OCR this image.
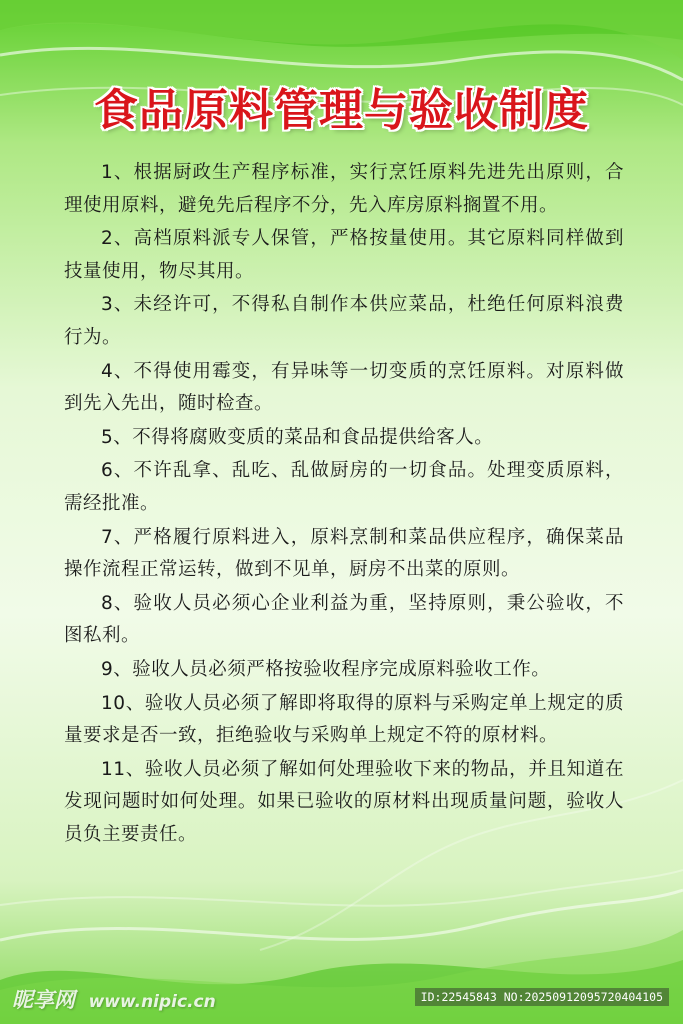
食品原料管理与验收制度
1、根据厨政生产程序标准，实行烹饪原料先进先出原则，合理使用原料，避免先后程序不分，先入库房原料搁置不用。
2、高档原料派专人保管，严格按量使用。其它原料同样做到技量使用，物尽其用。
3、未经许可，不得私自制作本供应菜品，杜绝任何原料浪费行为。
4、不得使用霉变，有异味等一切变质的烹饪原料。对原料做到先入先出，随时检查。
5、不得将腐败变质的菜品和食品提供给客人。
6、不许乱拿、乱吃、乱做厨房的一切食品。处理变质原料，需经批准。
7、严格履行原料进入，原料烹制和菜品供应程序，确保菜品操作流程正常运转，做到不见单，厨房不出菜的原则。
8、验收人员必须心企业利益为重，坚持原则，秉公验收，不图私利。
9、验收人员必须严格按验收程序完成原料验收工作。
10、验收人员必须了解即将取得的原料与采购定单上规定的质量要求是否一致，拒绝验收与采购单上规定不符的原材料。
11、验收人员必须了解如何处理验收下来的物品，并且知道在发现问题时如何处理。如果已验收的原材料出现质量问题，验收人员负主要责任。
昵享网 www.nipic.cn	ID:22545843 NO:20250912095720404105
